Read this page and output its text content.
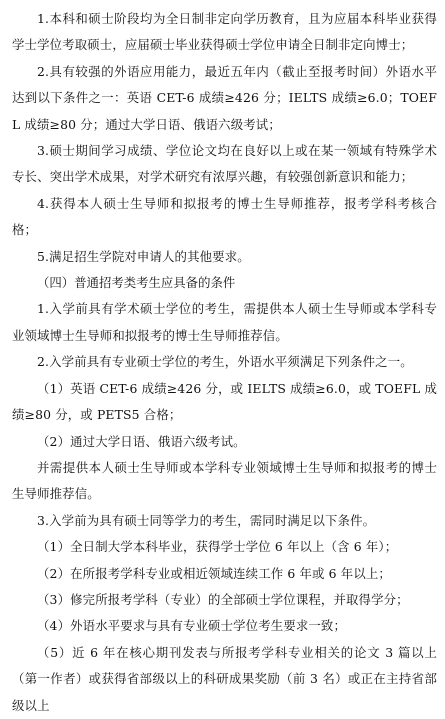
1.本科和硕士阶段均为全日制非定向学历教育，且为应届本科毕业获得学士学位考取硕士，应届硕士毕业获得硕士学位申请全日制非定向博士；

2.具有较强的外语应用能力，最近五年内（截止至报考时间）外语水平达到以下条件之一：英语 CET-6 成绩≥426 分；IELTS 成绩≥6.0；TOEFL 成绩≥80 分；通过大学日语、俄语六级考试；

3.硕士期间学习成绩、学位论文均在良好以上或在某一领域有特殊学术专长、突出学术成果，对学术研究有浓厚兴趣，有较强创新意识和能力；

4.获得本人硕士生导师和拟报考的博士生导师推荐，报考学科考核合格；

5.满足招生学院对申请人的其他要求。

（四）普通招考类考生应具备的条件

1.入学前具有学术硕士学位的考生，需提供本人硕士生导师或本学科专业领域博士生导师和拟报考的博士生导师推荐信。

2.入学前具有专业硕士学位的考生，外语水平须满足下列条件之一。

（1）英语 CET-6 成绩≥426 分，或 IELTS 成绩≥6.0，或 TOEFL 成绩≥80 分，或 PETS5 合格；

（2）通过大学日语、俄语六级考试。

并需提供本人硕士生导师或本学科专业领域博士生导师和拟报考的博士生导师推荐信。

3.入学前为具有硕士同等学力的考生，需同时满足以下条件。

（1）全日制大学本科毕业，获得学士学位 6 年以上（含 6 年）；

（2）在所报考学科专业或相近领域连续工作 6 年或 6 年以上；

（3）修完所报考学科（专业）的全部硕士学位课程，并取得学分；

（4）外语水平要求与具有专业硕士学位考生要求一致；

（5）近 6 年在核心期刊发表与所报考学科专业相关的论文 3 篇以上（第一作者）或获得省部级以上的科研成果奖励（前 3 名）或正在主持省部级以上
